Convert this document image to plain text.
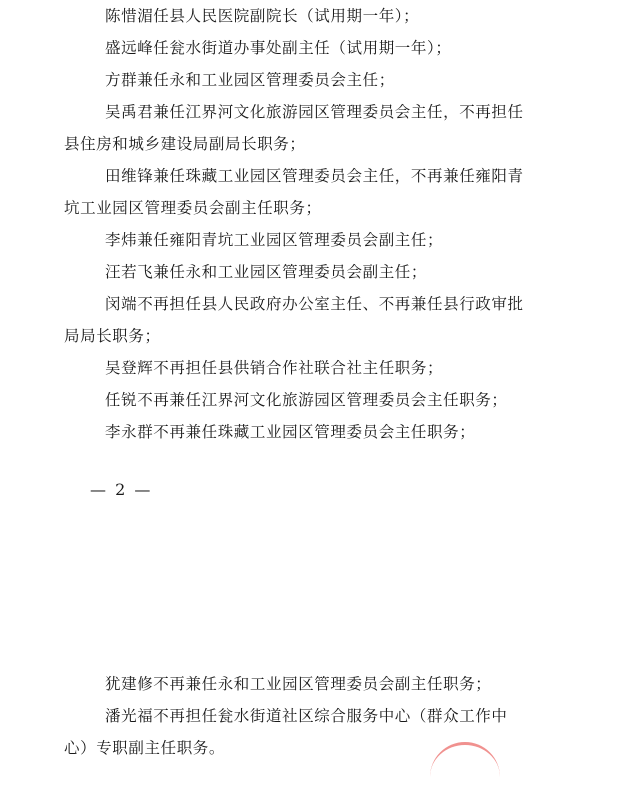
陈惜湄任县人民医院副院长（试用期一年）；
盛远峰任瓮水街道办事处副主任（试用期一年）；
方群兼任永和工业园区管理委员会主任；
吴禹君兼任江界河文化旅游园区管理委员会主任，不再担任
县住房和城乡建设局副局长职务；
田维锋兼任珠藏工业园区管理委员会主任，不再兼任雍阳青
坑工业园区管理委员会副主任职务；
李炜兼任雍阳青坑工业园区管理委员会副主任；
汪若飞兼任永和工业园区管理委员会副主任；
闵端不再担任县人民政府办公室主任、不再兼任县行政审批
局局长职务；
吴登辉不再担任县供销合作社联合社主任职务；
任锐不再兼任江界河文化旅游园区管理委员会主任职务；
李永群不再兼任珠藏工业园区管理委员会主任职务；
— 2 —
犹建修不再兼任永和工业园区管理委员会副主任职务；
潘光福不再担任瓮水街道社区综合服务中心（群众工作中
心）专职副主任职务。
